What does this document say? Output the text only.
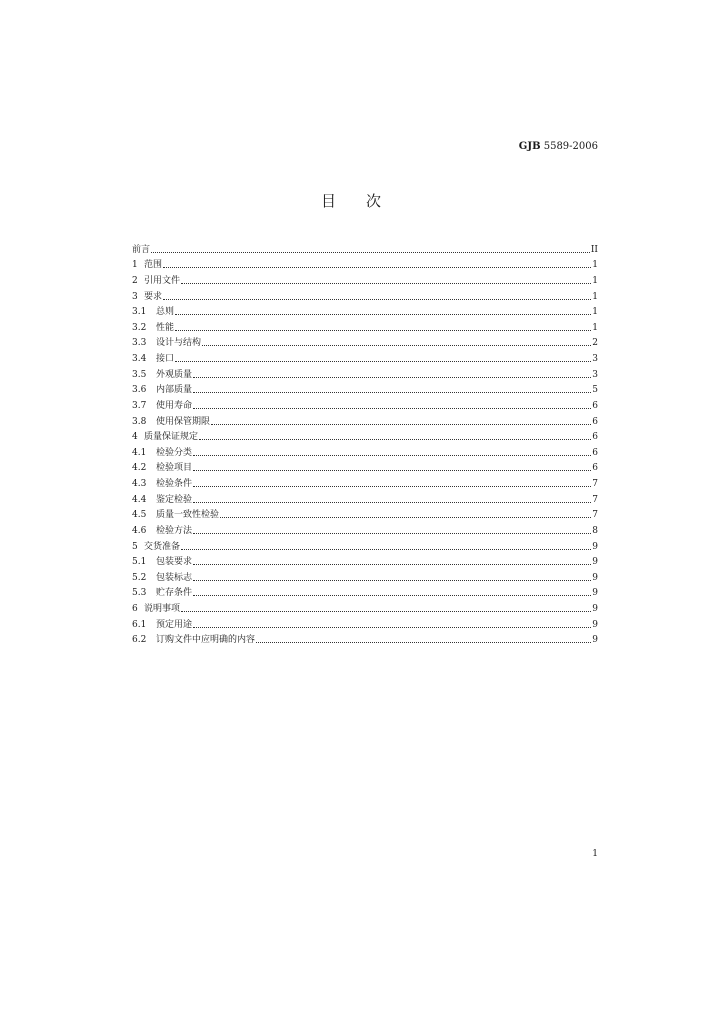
GJB 5589-2006
目次
前言	II
1 范围	1
2 引用文件	1
3 要求	1
3.1	总则	1
3.2	性能	1
3.3	设计与结构	2
3.4	接口	3
3.5	外观质量	3
3.6	内部质量	5
3.7	使用寿命	6
3.8	使用保管期限	6
4 质量保证规定	6
4.1	检验分类	6
4.2	检验项目	6
4.3	检验条件	7
4.4	鉴定检验	7
4.5	质量一致性检验	7
4.6	检验方法	8
5 交货准备	9
5.1	包装要求	9
5.2	包装标志	9
5.3	贮存条件	9
6 说明事项	9
6.1	预定用途	9
6.2	订购文件中应明确的内容	9
1
